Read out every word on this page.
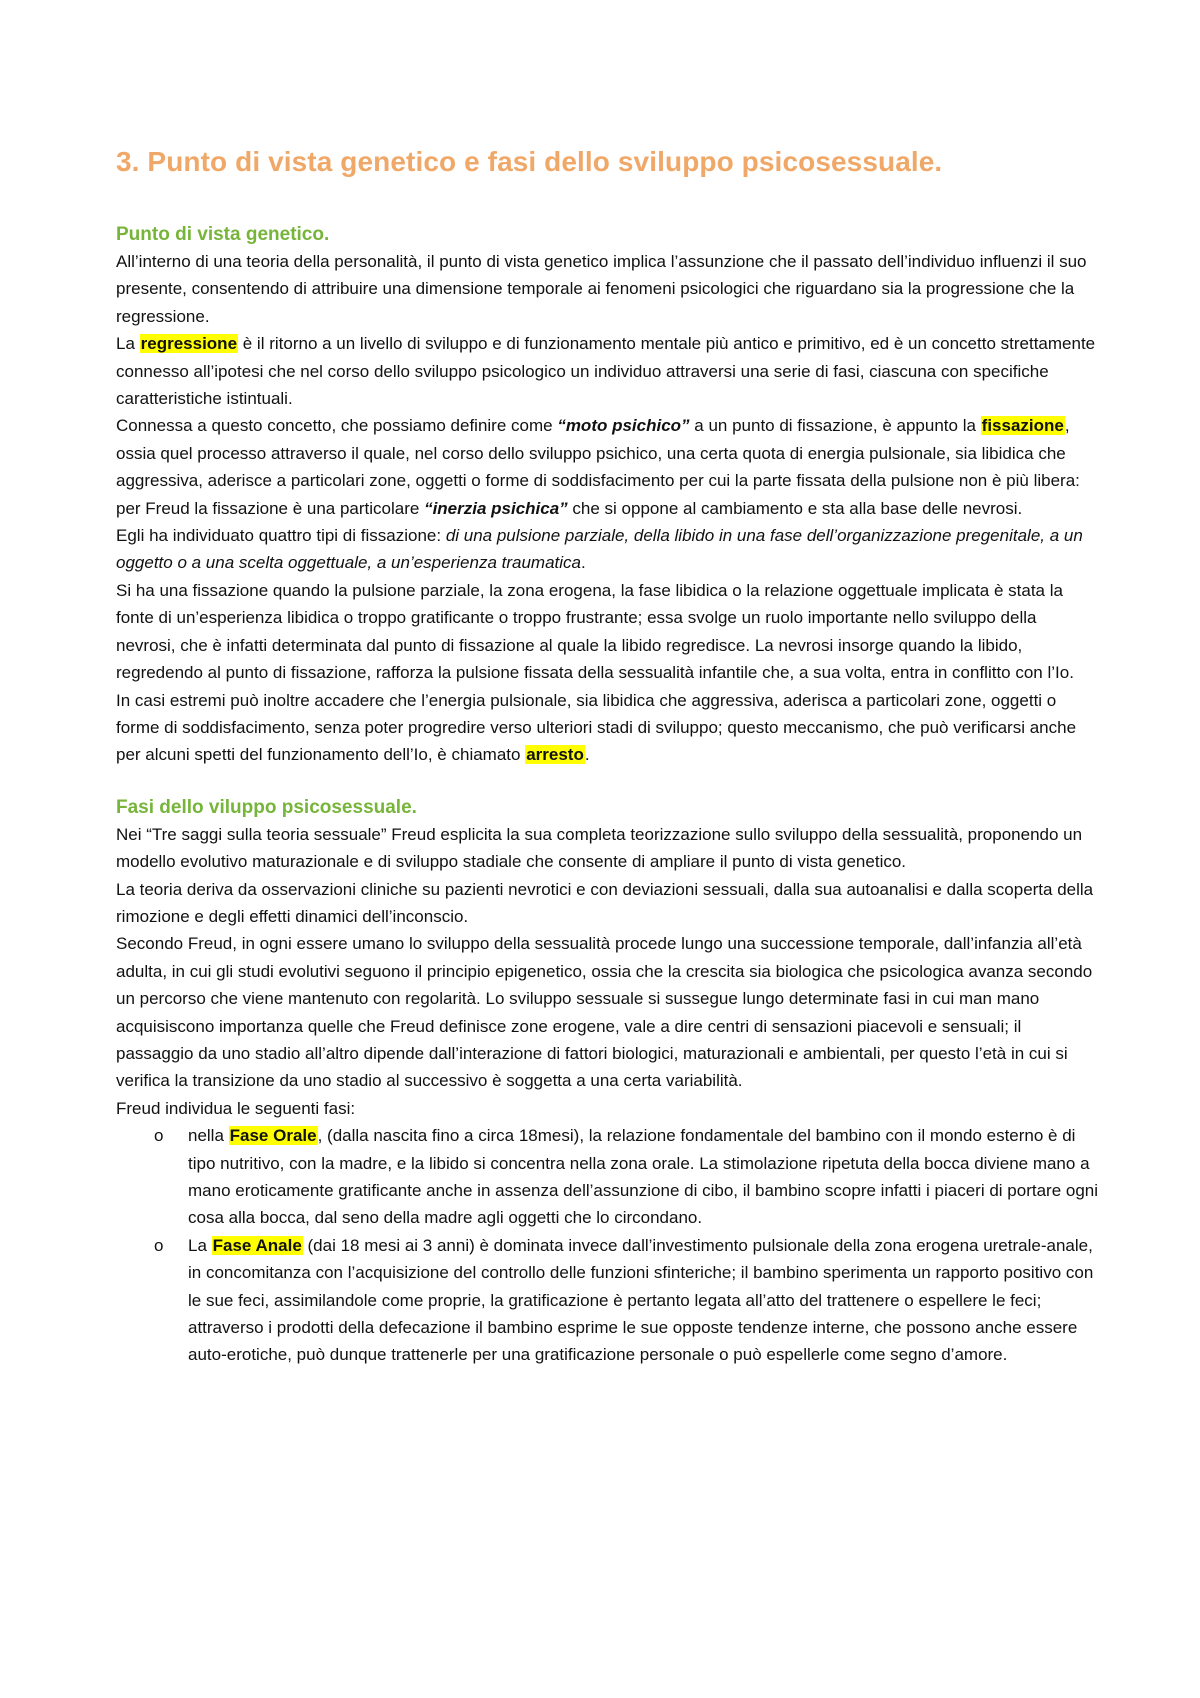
3. Punto di vista genetico e fasi dello sviluppo psicosessuale.
Punto di vista genetico.

All’interno di una teoria della personalità, il punto di vista genetico implica l’assunzione che il passato dell’individuo influenzi il suo presente, consentendo di attribuire una dimensione temporale ai fenomeni psicologici che riguardano sia la progressione che la regressione.

La regressione è il ritorno a un livello di sviluppo e di funzionamento mentale più antico e primitivo, ed è un concetto strettamente connesso all’ipotesi che nel corso dello sviluppo psicologico un individuo attraversi una serie di fasi, ciascuna con specifiche caratteristiche istintuali.

Connessa a questo concetto, che possiamo definire come “moto psichico” a un punto di fissazione, è appunto la fissazione, ossia quel processo attraverso il quale, nel corso dello sviluppo psichico, una certa quota di energia pulsionale, sia libidica che aggressiva, aderisce a particolari zone, oggetti o forme di soddisfacimento per cui la parte fissata della pulsione non è più libera: per Freud la fissazione è una particolare “inerzia psichica” che si oppone al cambiamento e sta alla base delle nevrosi.

Egli ha individuato quattro tipi di fissazione: di una pulsione parziale, della libido in una fase dell’organizzazione pregenitale, a un oggetto o a una scelta oggettuale, a un’esperienza traumatica.

Si ha una fissazione quando la pulsione parziale, la zona erogena, la fase libidica o la relazione oggettuale implicata è stata la fonte di un’esperienza libidica o troppo gratificante o troppo frustrante; essa svolge un ruolo importante nello sviluppo della nevrosi, che è infatti determinata dal punto di fissazione al quale la libido regredisce. La nevrosi insorge quando la libido, regredendo al punto di fissazione, rafforza la pulsione fissata della sessualità infantile che, a sua volta, entra in conflitto con l’Io.

In casi estremi può inoltre accadere che l’energia pulsionale, sia libidica che aggressiva, aderisca a particolari zone, oggetti o forme di soddisfacimento, senza poter progredire verso ulteriori stadi di sviluppo; questo meccanismo, che può verificarsi anche per alcuni spetti del funzionamento dell’Io, è chiamato arresto.

Fasi dello viluppo psicosessuale.

Nei “Tre saggi sulla teoria sessuale” Freud esplicita la sua completa teorizzazione sullo sviluppo della sessualità, proponendo un modello evolutivo maturazionale e di sviluppo stadiale che consente di ampliare il punto di vista genetico.

La teoria deriva da osservazioni cliniche su pazienti nevrotici e con deviazioni sessuali, dalla sua autoanalisi e dalla scoperta della rimozione e degli effetti dinamici dell’inconscio.

Secondo Freud, in ogni essere umano lo sviluppo della sessualità procede lungo una successione temporale, dall’infanzia all’età adulta, in cui gli studi evolutivi seguono il principio epigenetico, ossia che la crescita sia biologica che psicologica avanza secondo un percorso che viene mantenuto con regolarità. Lo sviluppo sessuale si sussegue lungo determinate fasi in cui man mano acquisiscono importanza quelle che Freud definisce zone erogene, vale a dire centri di sensazioni piacevoli e sensuali; il passaggio da uno stadio all’altro dipende dall’interazione di fattori biologici, maturazionali e ambientali, per questo l’età in cui si verifica la transizione da uno stadio al successivo è soggetta a una certa variabilità.

Freud individua le seguenti fasi:

o nella Fase Orale, (dalla nascita fino a circa 18mesi), la relazione fondamentale del bambino con il mondo esterno è di tipo nutritivo, con la madre, e la libido si concentra nella zona orale. La stimolazione ripetuta della bocca diviene mano a mano eroticamente gratificante anche in assenza dell’assunzione di cibo, il bambino scopre infatti i piaceri di portare ogni cosa alla bocca, dal seno della madre agli oggetti che lo circondano.
o La Fase Anale (dai 18 mesi ai 3 anni) è dominata invece dall’investimento pulsionale della zona erogena uretrale-anale, in concomitanza con l’acquisizione del controllo delle funzioni sfinteriche; il bambino sperimenta un rapporto positivo con le sue feci, assimilandole come proprie, la gratificazione è pertanto legata all’atto del trattenere o espellere le feci; attraverso i prodotti della defecazione il bambino esprime le sue opposte tendenze interne, che possono anche essere auto-erotiche, può dunque trattenerle per una gratificazione personale o può espellerle come segno d’amore.
